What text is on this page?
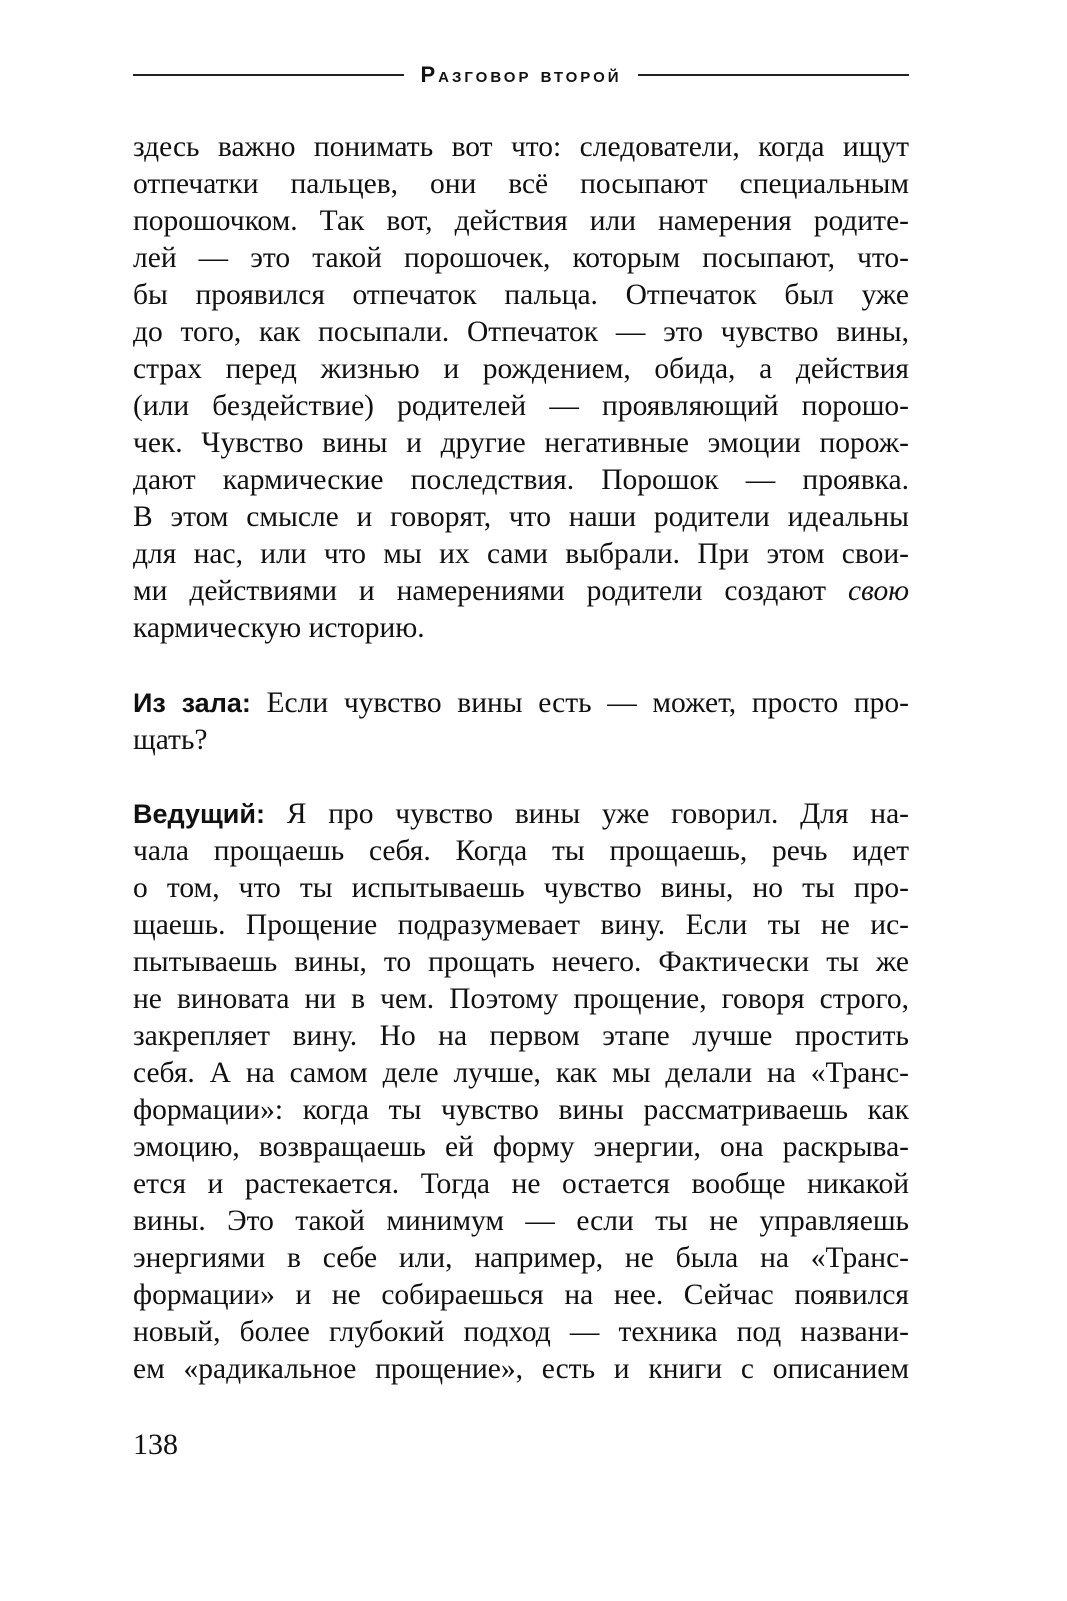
Разговор второй
здесь важно понимать вот что: следователи, когда ищут
отпечатки пальцев, они всё посыпают специальным
порошочком. Так вот, действия или намерения родите-
лей — это такой порошочек, которым посыпают, что-
бы проявился отпечаток пальца. Отпечаток был уже
до того, как посыпали. Отпечаток — это чувство вины,
страх перед жизнью и рождением, обида, а действия
(или бездействие) родителей — проявляющий порошо-
чек. Чувство вины и другие негативные эмоции порож-
дают кармические последствия. Порошок — проявка.
В этом смысле и говорят, что наши родители идеальны
для нас, или что мы их сами выбрали. При этом свои-
ми действиями и намерениями родители создают свою
кармическую историю.
Из зала: Если чувство вины есть — может, просто про-
щать?
Ведущий: Я про чувство вины уже говорил. Для на-
чала прощаешь себя. Когда ты прощаешь, речь идет
о том, что ты испытываешь чувство вины, но ты про-
щаешь. Прощение подразумевает вину. Если ты не ис-
пытываешь вины, то прощать нечего. Фактически ты же
не виновата ни в чем. Поэтому прощение, говоря строго,
закрепляет вину. Но на первом этапе лучше простить
себя. А на самом деле лучше, как мы делали на «Транс-
формации»: когда ты чувство вины рассматриваешь как
эмоцию, возвращаешь ей форму энергии, она раскрыва-
ется и растекается. Тогда не остается вообще никакой
вины. Это такой минимум — если ты не управляешь
энергиями в себе или, например, не была на «Транс-
формации» и не собираешься на нее. Сейчас появился
новый, более глубокий подход — техника под названи-
ем «радикальное прощение», есть и книги с описанием
138
